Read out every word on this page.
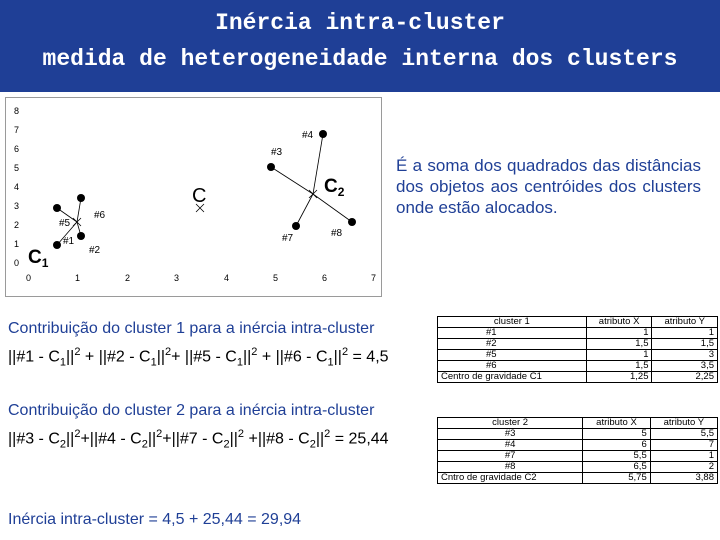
Inércia intra-cluster
medida de heterogeneidade interna dos clusters
0
1
2
3
4
5
6
7
8
0	1	2	3	4	5	6	7
#4
#3
#5
#6
#1
#2
#7	#8
$C_1$
$C_2$
C
É a soma dos quadrados das distâncias dos objetos aos centróides dos clusters onde estão alocados.
Contribuição do cluster 1 para a inércia intra-cluster
||#1 - $C_1||^2$ + ||#2 - $C_1||^2+$ ||#5 - $C_1||^2$ + ||#6 - $C_1||^2 = 4,5$
cluster 1	atributo X	atributo Y
#1	1	1
#2	1,5	1,5
#5	1	3
#6	1,5	3,5
Centro de gravidade C1	1,25	2,25
Contribuição do cluster 2 para a inércia intra-cluster
||#3 - $C_2||^2+||\#4$ - $C_2||^2+||\#7 - C_2||^2$ +||#8 - $C_2||^2 = 25,44$
cluster 2	atributo X	atributo Y
#3	5	5,5
#4	6	7
#7	5,5	1
#8	6,5	2
Cntro de gravidade C2	5,75	3,88
Inércia intra-cluster = 4,5 + 25,44 = 29,94
